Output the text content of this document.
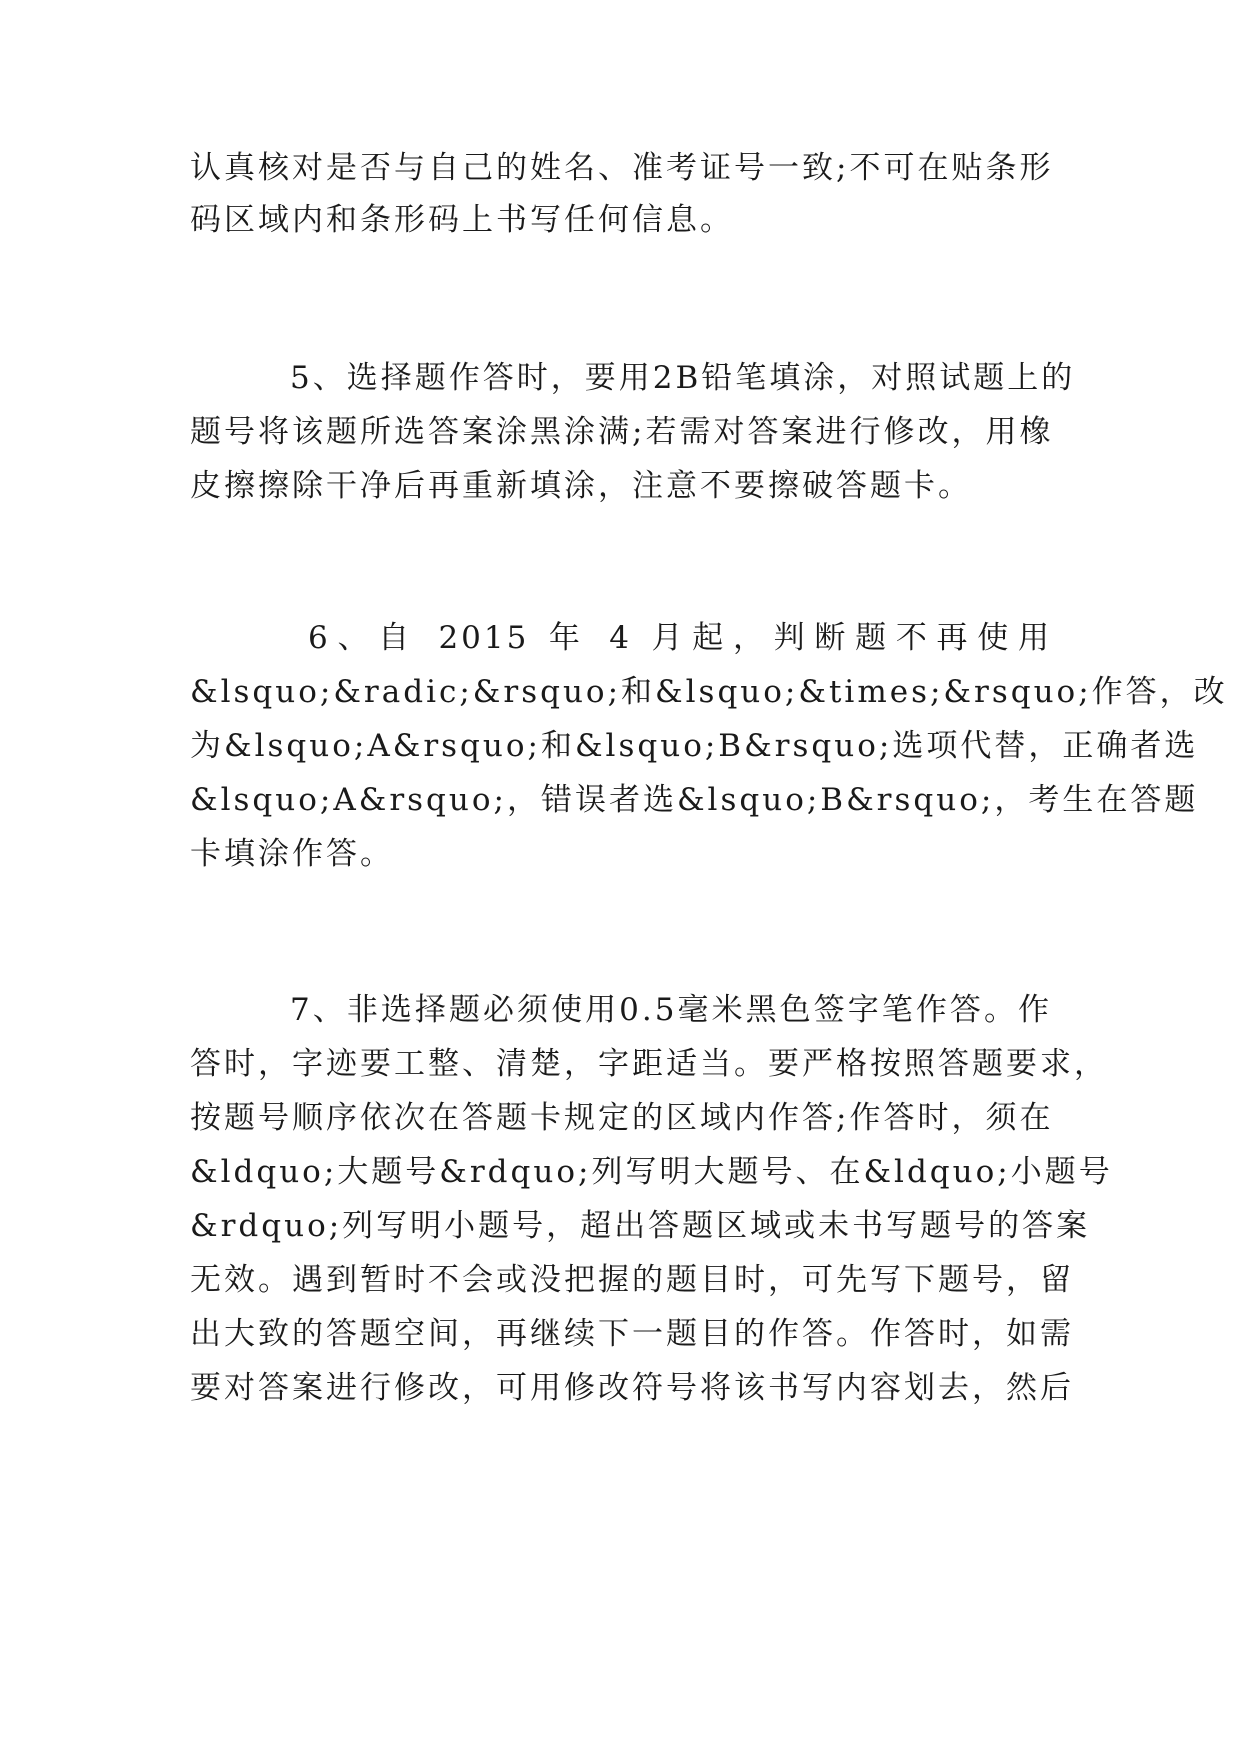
认真核对是否与自己的姓名、准考证号一致;不可在贴条形
码区域内和条形码上书写任何信息。
5、选择题作答时，要用2B铅笔填涂，对照试题上的
题号将该题所选答案涂黑涂满;若需对答案进行修改，用橡
皮擦擦除干净后再重新填涂，注意不要擦破答题卡。
6、自 2015 年 4 月起，判断题不再使用
&lsquo;&radic;&rsquo;和&lsquo;&times;&rsquo;作答，改
为&lsquo;A&rsquo;和&lsquo;B&rsquo;选项代替，正确者选
&lsquo;A&rsquo;，错误者选&lsquo;B&rsquo;，考生在答题
卡填涂作答。
7、非选择题必须使用0.5毫米黑色签字笔作答。作
答时，字迹要工整、清楚，字距适当。要严格按照答题要求，
按题号顺序依次在答题卡规定的区域内作答;作答时，须在
&ldquo;大题号&rdquo;列写明大题号、在&ldquo;小题号
&rdquo;列写明小题号，超出答题区域或未书写题号的答案
无效。遇到暂时不会或没把握的题目时，可先写下题号，留
出大致的答题空间，再继续下一题目的作答。作答时，如需
要对答案进行修改，可用修改符号将该书写内容划去，然后
